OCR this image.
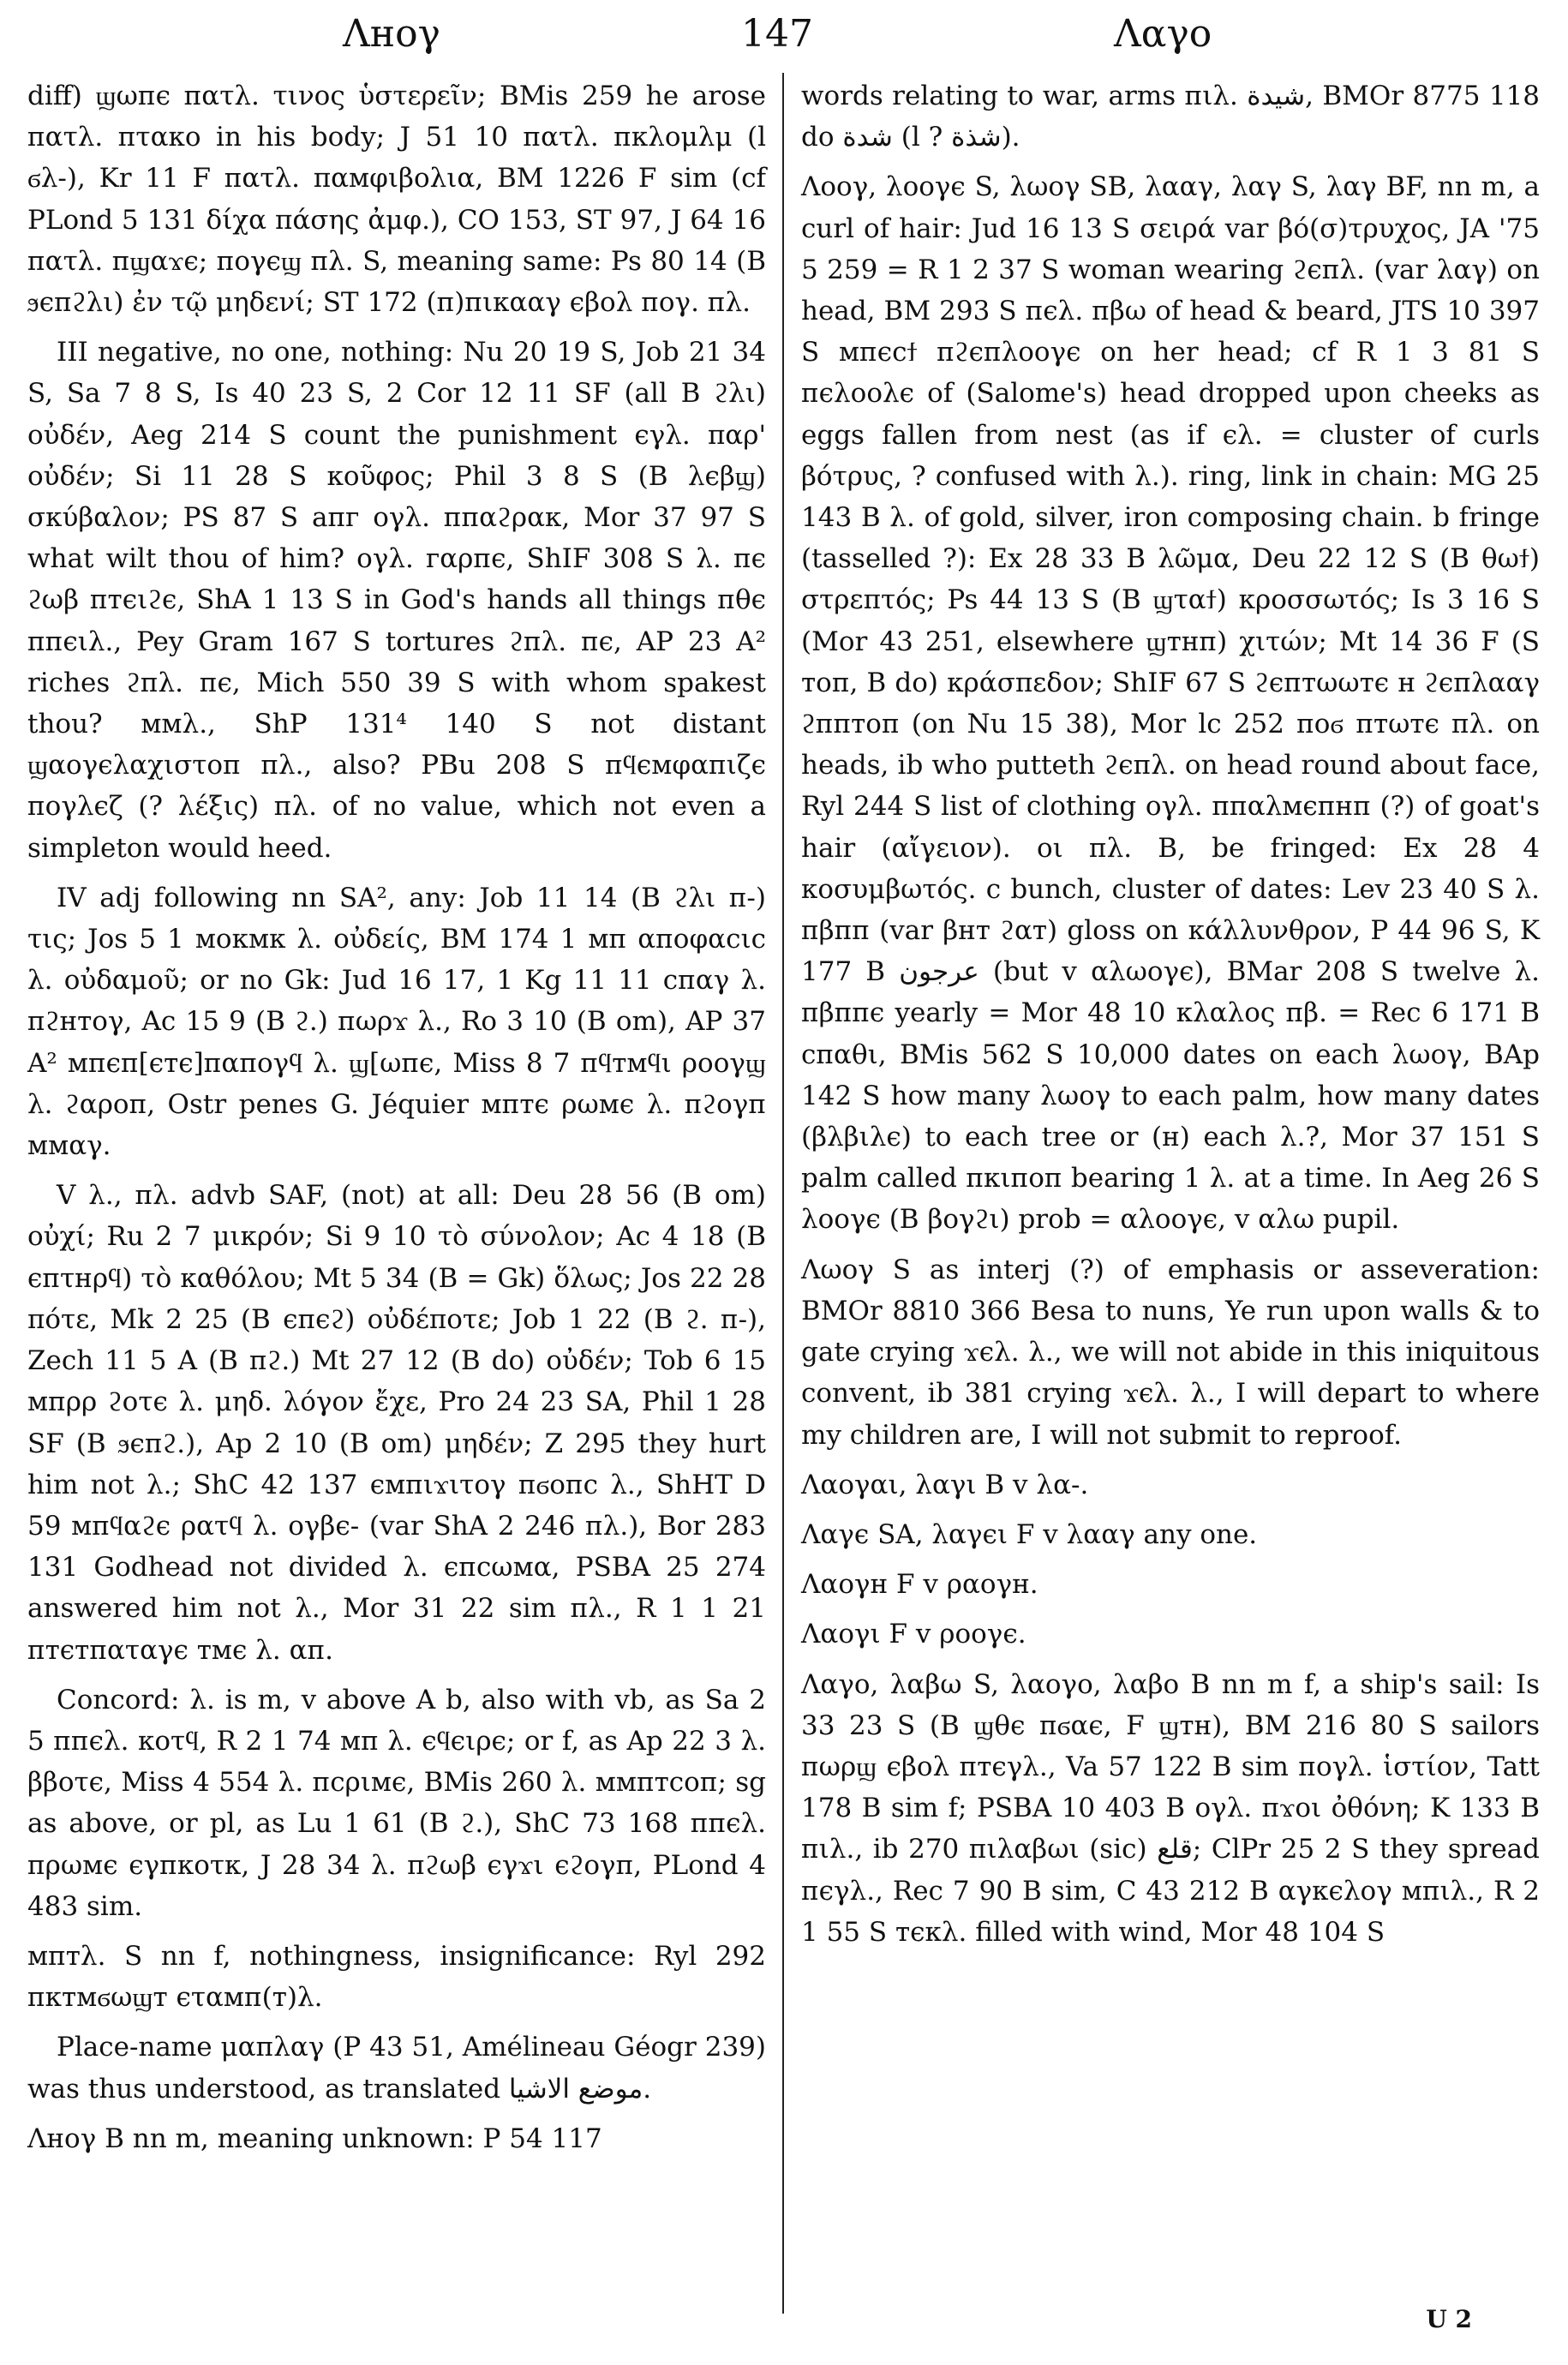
Λнογ	147	Λαγο

diff) ϣωпє пατλ. τινος ὑστερεῖν; BMis 259 he arose пατλ. пτακο in his body; J 51 10 пατλ. пκλομλμ (l ϭλ-), Kr 11 F пατλ. παмφιβολια, BM 1226 F sim (cf PLond 5 131 δίχα πάσης ἀμφ.), CO 153, ST 97, J 64 16 пατλ. пϣαϫє; поγєϣ пλ. S, meaning same: Ps 80 14 (B ϧєпϩλι) ἐν τῷ μηδενί; ST 172 (п)пικααγ єβολ поγ. пλ.

III negative, no one, nothing: Nu 20 19 S, Job 21 34 S, Sa 7 8 S, Is 40 23 S, 2 Cor 12 11 SF (all B ϩλι) οὐδέν, Aeg 214 S count the punishment єγλ. παρ' οὐδέν; Si 11 28 S κοῦφος; Phil 3 8 S (B λєβϣ) σκύβαλον; PS 87 S апг оγλ. ппαϩρακ, Mor 37 97 S what wilt thou of him? оγλ. гαρпє, ShIF 308 S λ. пє ϩωβ птєιϩє, ShA 1 13 S in God's hands all things пθє ппєιλ., Pey Gram 167 S tortures ϩпλ. пє, AP 23 A² riches ϩпλ. пє, Mich 550 39 S with whom spakest thou? ммλ., ShP 131⁴ 140 S not distant ϣαογєλαχιστоп пλ., also? PBu 208 S пϥємφαпιζє поγλєζ (? λέξις) пλ. of no value, which not even a simpleton would heed.

IV adj following nn SA², any: Job 11 14 (B ϩλι п-) τις; Jos 5 1 мокмк λ. οὐδείς, BM 174 1 мп αпоφαсιс λ. οὐδαμοῦ; or no Gk: Jud 16 17, 1 Kg 11 11 спαγ λ. пϩнтоγ, Ac 15 9 (B ϩ.) пωρϫ λ., Ro 3 10 (B om), AP 37 A² мпєп[єтє]пαпоγϥ λ. ϣ[ωпє, Miss 8 7 пϥтмϥι ροογϣ λ. ϩαροп, Ostr penes G. Jéquier мптє ρωмє λ. пϩоγп ммαγ.

V λ., пλ. advb SAF, (not) at all: Deu 28 56 (B om) οὐχί; Ru 2 7 μικρόν; Si 9 10 τὸ σύνολον; Ac 4 18 (B єпτнρϥ) τὸ καθόλου; Mt 5 34 (B = Gk) ὅλως; Jos 22 28 πότε, Mk 2 25 (B єпєϩ) οὐδέποτε; Job 1 22 (B ϩ. п-), Zech 11 5 A (B пϩ.) Mt 27 12 (B do) οὐδέν; Tob 6 15 мпρρ ϩοτє λ. μηδ. λόγον ἔχε, Pro 24 23 SA, Phil 1 28 SF (B ϧєпϩ.), Ap 2 10 (B om) μηδέν; Z 295 they hurt him not λ.; ShC 42 137 ємпιϫιτоγ пϭопс λ., ShHT D 59 мпϥαϩє ρατϥ λ. оγβє- (var ShA 2 246 пλ.), Bor 283 131 Godhead not divided λ. єпсωмα, PSBA 25 274 answered him not λ., Mor 31 22 sim пλ., R 1 1 21 птєтпαταγє тмє λ. αп.

Concord: λ. is m, v above A b, also with vb, as Sa 2 5 ппєλ. κοτϥ, R 2 1 74 мп λ. єϥєιρє; or f, as Ap 22 3 λ. ββοτє, Miss 4 554 λ. псριмє, BMis 260 λ. ммптсоп; sg as above, or pl, as Lu 1 61 (B ϩ.), ShC 73 168 ппєλ. пρωмє єγпκοτκ, J 28 34 λ. пϩωβ єγϫι єϩογп, PLond 4 483 sim.

мптλ. S nn f, nothingness, insignificance: Ryl 292 пκтмϭωϣт єταмп(т)λ.

Place-name μαпλαγ (P 43 51, Amélineau Géogr 239) was thus understood, as translated موضع الاشيا.

Λнογ B nn m, meaning unknown: P 54 117

words relating to war, arms пιλ. شيدة, BMOr 8775 118 do شدة (l ? شذة).

Λοογ, λοογє S, λωογ SB, λααγ, λαγ S, λαγ BF, nn m, a curl of hair: Jud 16 13 S σειρά var βό(σ)τρυχος, JA '75 5 259 = R 1 2 37 S woman wearing ϩєпλ. (var λαγ) on head, BM 293 S пєλ. пβω of head & beard, JTS 10 397 S мпєсϯ пϩєпλοογє on her head; cf R 1 3 81 S пєλοоλє of (Salome's) head dropped upon cheeks as eggs fallen from nest (as if єλ. = cluster of curls βότρυς, ? confused with λ.). ring, link in chain: MG 25 143 B λ. of gold, silver, iron composing chain. b fringe (tasselled ?): Ex 28 33 B λῶμα, Deu 22 12 S (B θωϯ) στρεπτός; Ps 44 13 S (B ϣταϯ) κροσσωτός; Is 3 16 S (Mor 43 251, elsewhere ϣтнп) χιτών; Mt 14 36 F (S топ, B do) κράσπεδον; ShIF 67 S ϩєптωωтє н ϩєпλααγ ϩпптоп (on Nu 15 38), Mor lc 252 поϭ птωтє пλ. on heads, ib who putteth ϩєпλ. on head round about face, Ryl 244 S list of clothing оγλ. ппαλмєпнп (?) of goat's hair (αἴγειον). οι пλ. B, be fringed: Ex 28 4 κοσυμβωτός. c bunch, cluster of dates: Lev 23 40 S λ. пβпп (var βнт ϩαт) gloss on κάλλυνθρον, P 44 96 S, K 177 B عرجون (but v αλωογє), BMar 208 S twelve λ. пβппє yearly = Mor 48 10 κλαλος пβ. = Rec 6 171 B спαθι, BMis 562 S 10,000 dates on each λωογ, BAp 142 S how many λωογ to each palm, how many dates (βλβιλє) to each tree or (н) each λ.?, Mor 37 151 S palm called пκιпоп bearing 1 λ. at a time. In Aeg 26 S λοογє (B βογϩι) prob = αλοογє, v αλω pupil.

Λωογ S as interj (?) of emphasis or asseveration: BMOr 8810 366 Besa to nuns, Ye run upon walls & to gate crying ϫєλ. λ., we will not abide in this iniquitous convent, ib 381 crying ϫєλ. λ., I will depart to where my children are, I will not submit to reproof.

Λαογαι, λαγι B v λα-.

Λαγє SA, λαγєι F v λααγ any one.

Λαογн F v ραογн.

Λαογι F v ροογє.

Λαγο, λαβω S, λαογο, λαβο B nn m f, a ship's sail: Is 33 23 S (B ϣθє пϭαє, F ϣтн), BM 216 80 S sailors пωρϣ єβολ птєγλ., Va 57 122 B sim поγλ. ἱστίον, Tatt 178 B sim f; PSBA 10 403 B оγλ. пϫοι ὀθόνη; K 133 B пιλ., ib 270 пιλαβωι (sic) قلع; ClPr 25 2 S they spread пєγλ., Rec 7 90 B sim, C 43 212 B αγκєλоγ мпιλ., R 2 1 55 S тєκλ. filled with wind, Mor 48 104 S

U 2
